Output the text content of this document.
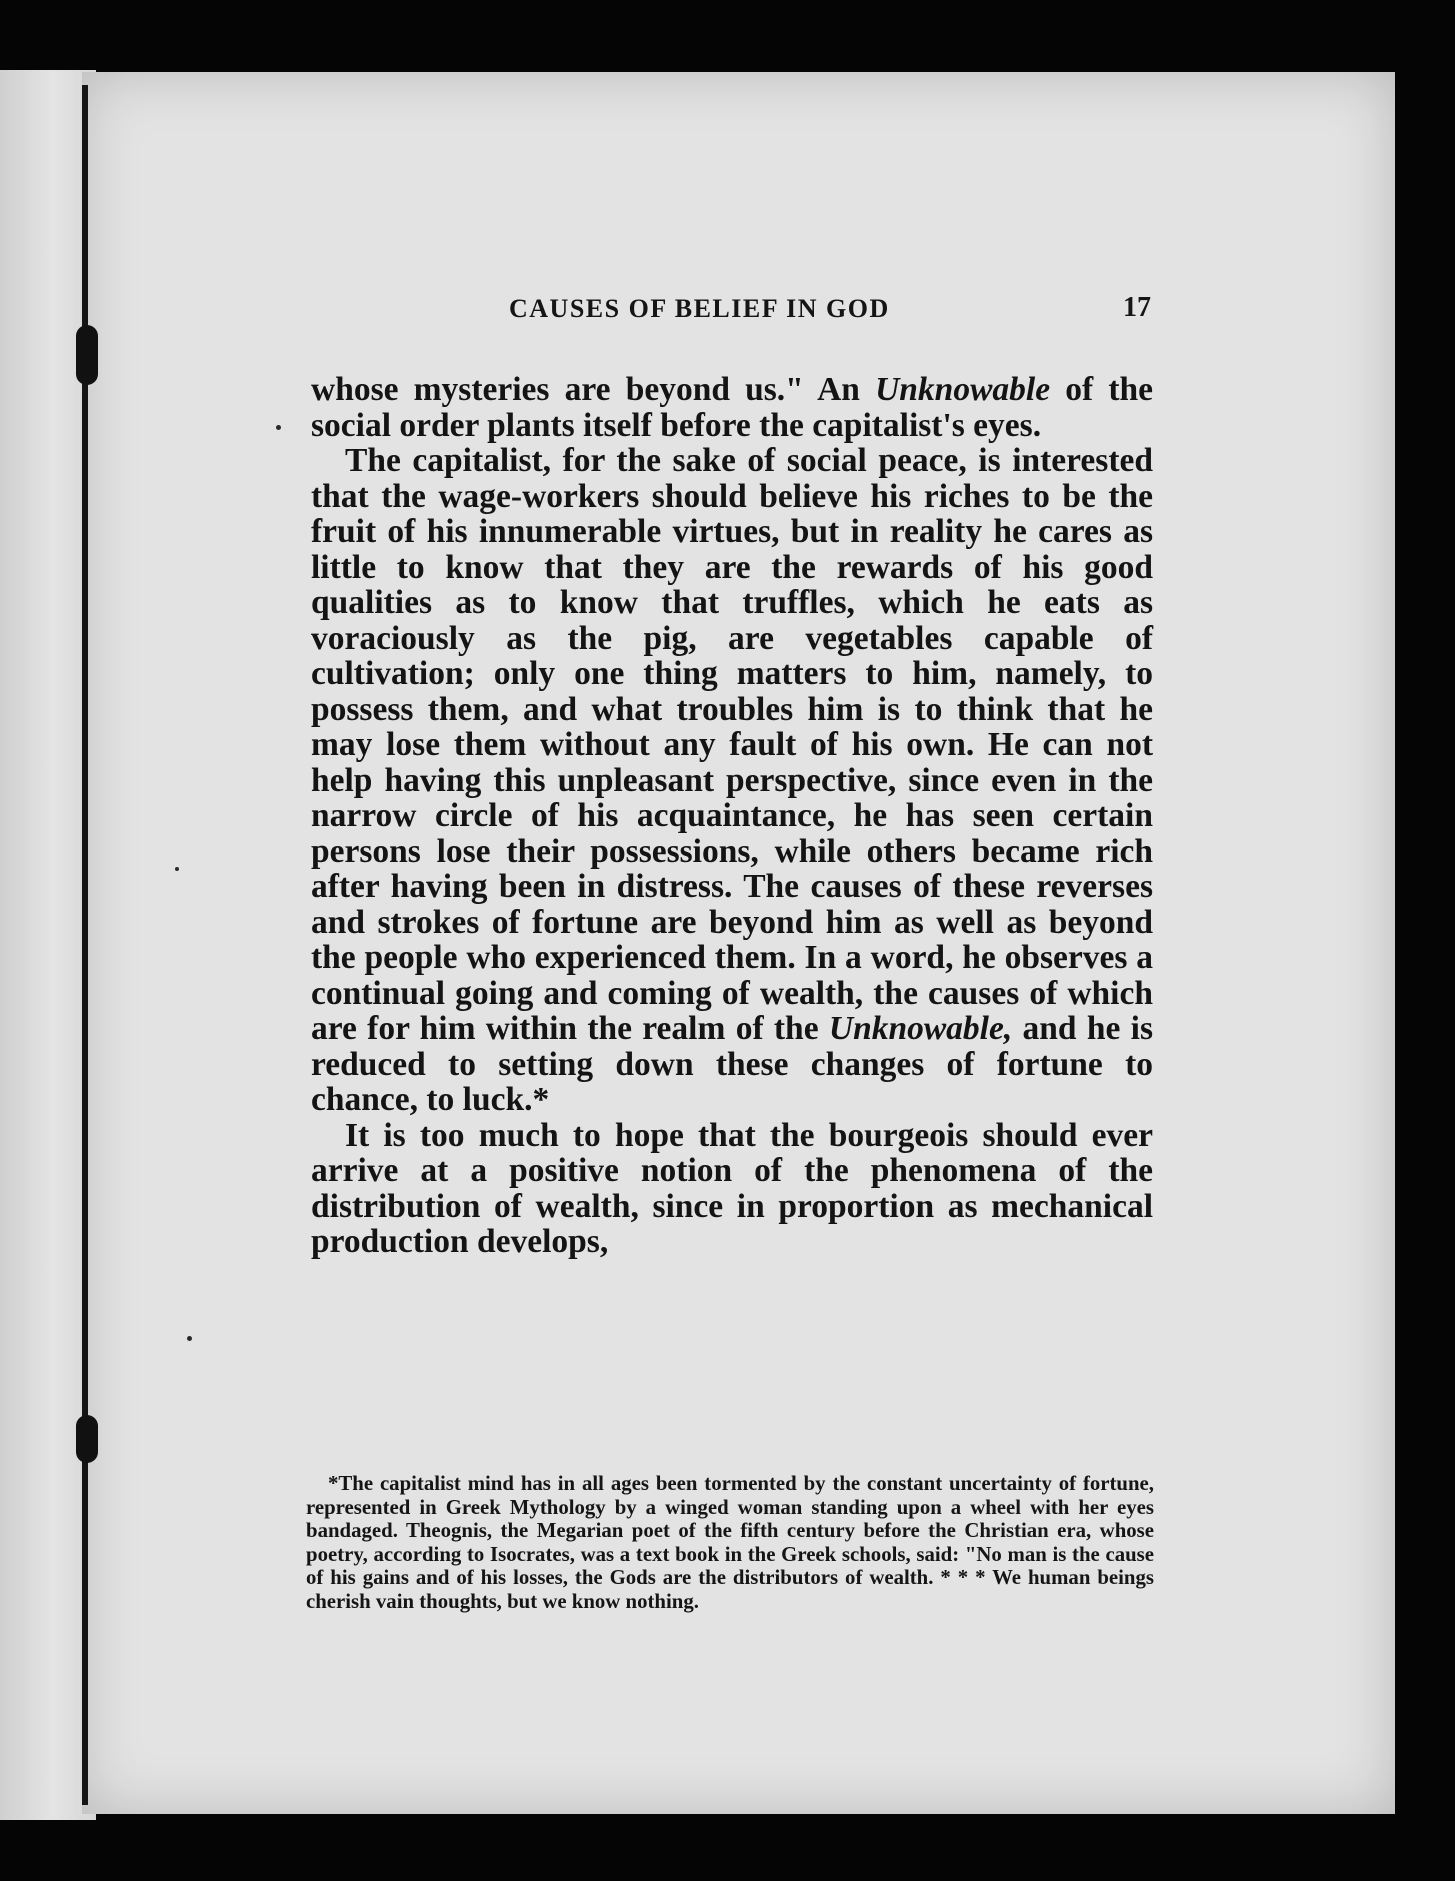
CAUSES OF BELIEF IN GOD	17

whose mysteries are beyond us." An Unknowable of the social order plants itself before the capitalist's eyes.

The capitalist, for the sake of social peace, is interested that the wage-workers should believe his riches to be the fruit of his innumerable virtues, but in reality he cares as little to know that they are the rewards of his good qualities as to know that truffles, which he eats as voraciously as the pig, are vegetables capable of cultivation; only one thing matters to him, namely, to possess them, and what troubles him is to think that he may lose them without any fault of his own. He can not help having this unpleasant perspective, since even in the narrow circle of his acquaintance, he has seen certain persons lose their possessions, while others became rich after having been in distress. The causes of these reverses and strokes of fortune are beyond him as well as beyond the people who experienced them. In a word, he observes a continual going and coming of wealth, the causes of which are for him within the realm of the Unknowable, and he is reduced to setting down these changes of fortune to chance, to luck.*

It is too much to hope that the bourgeois should ever arrive at a positive notion of the phenomena of the distribution of wealth, since in proportion as mechanical production develops,

*The capitalist mind has in all ages been tormented by the constant uncertainty of fortune, represented in Greek Mythology by a winged woman standing upon a wheel with her eyes bandaged. Theognis, the Megarian poet of the fifth century before the Christian era, whose poetry, according to Isocrates, was a text book in the Greek schools, said: "No man is the cause of his gains and of his losses, the Gods are the distributors of wealth. * * * We human beings cherish vain thoughts, but we know nothing.
